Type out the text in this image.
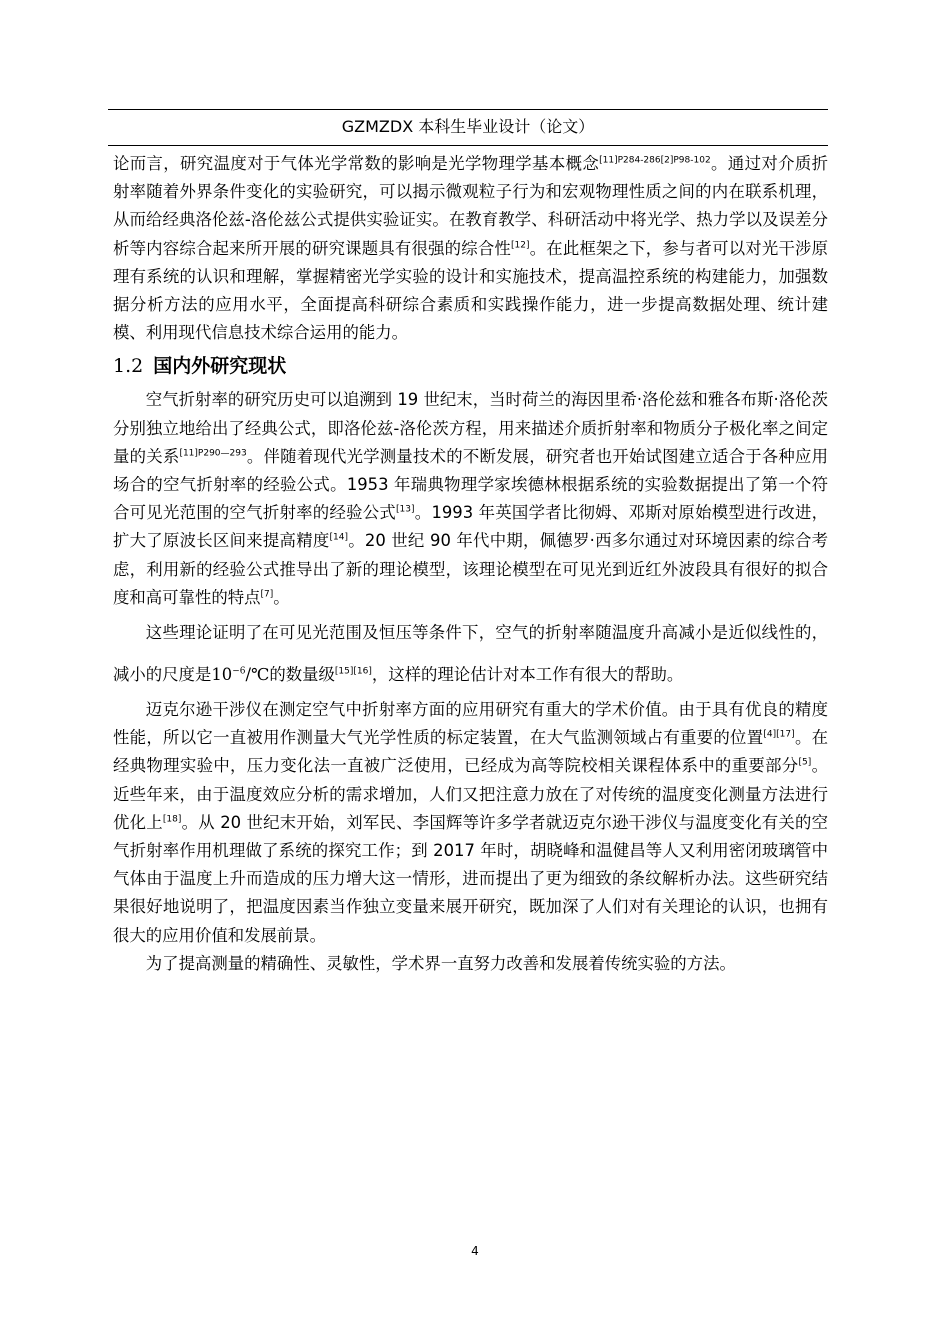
GZMZDX 本科生毕业设计（论文）

论而言，研究温度对于气体光学常数的影响是光学物理学基本概念$^{[11]P284-286[2]P98-102}$。通过对介质折射率随着外界条件变化的实验研究，可以揭示微观粒子行为和宏观物理性质之间的内在联系机理，从而给经典洛伦兹-洛伦兹公式提供实验证实。在教育教学、科研活动中将光学、热力学以及误差分析等内容综合起来所开展的研究课题具有很强的综合性[12]。在此框架之下，参与者可以对光干涉原理有系统的认识和理解，掌握精密光学实验的设计和实施技术，提高温控系统的构建能力，加强数据分析方法的应用水平，全面提高科研综合素质和实践操作能力，进一步提高数据处理、统计建模、利用现代信息技术综合运用的能力。

1.2 国内外研究现状

空气折射率的研究历史可以追溯到 19 世纪末，当时荷兰的海因里希·洛伦兹和雅各布斯·洛伦茨分别独立地给出了经典公式，即洛伦兹-洛伦茨方程，用来描述介质折射率和物质分子极化率之间定量的关系$^{[11]P290—293}$。伴随着现代光学测量技术的不断发展，研究者也开始试图建立适合于各种应用场合的空气折射率的经验公式。1953 年瑞典物理学家埃德林根据系统的实验数据提出了第一个符合可见光范围的空气折射率的经验公式[13]。1993 年英国学者比彻姆、邓斯对原始模型进行改进，扩大了原波长区间来提高精度[14]。20 世纪 90 年代中期，佩德罗·西多尔通过对环境因素的综合考虑，利用新的经验公式推导出了新的理论模型，该理论模型在可见光到近红外波段具有很好的拟合度和高可靠性的特点[7]。

这些理论证明了在可见光范围及恒压等条件下，空气的折射率随温度升高减小是近似线性的，减小的尺度是$10^{-6}/℃$的数量级[15][16]，这样的理论估计对本工作有很大的帮助。

迈克尔逊干涉仪在测定空气中折射率方面的应用研究有重大的学术价值。由于具有优良的精度性能，所以它一直被用作测量大气光学性质的标定装置，在大气监测领域占有重要的位置[4][17]。在经典物理实验中，压力变化法一直被广泛使用，已经成为高等院校相关课程体系中的重要部分[5]。近些年来，由于温度效应分析的需求增加，人们又把注意力放在了对传统的温度变化测量方法进行优化上[18]。从 20 世纪末开始，刘军民、李国辉等许多学者就迈克尔逊干涉仪与温度变化有关的空气折射率作用机理做了系统的探究工作；到 2017 年时，胡晓峰和温健昌等人又利用密闭玻璃管中气体由于温度上升而造成的压力增大这一情形，进而提出了更为细致的条纹解析办法。这些研究结果很好地说明了，把温度因素当作独立变量来展开研究，既加深了人们对有关理论的认识，也拥有很大的应用价值和发展前景。

为了提高测量的精确性、灵敏性，学术界一直努力改善和发展着传统实验的方法。

4
